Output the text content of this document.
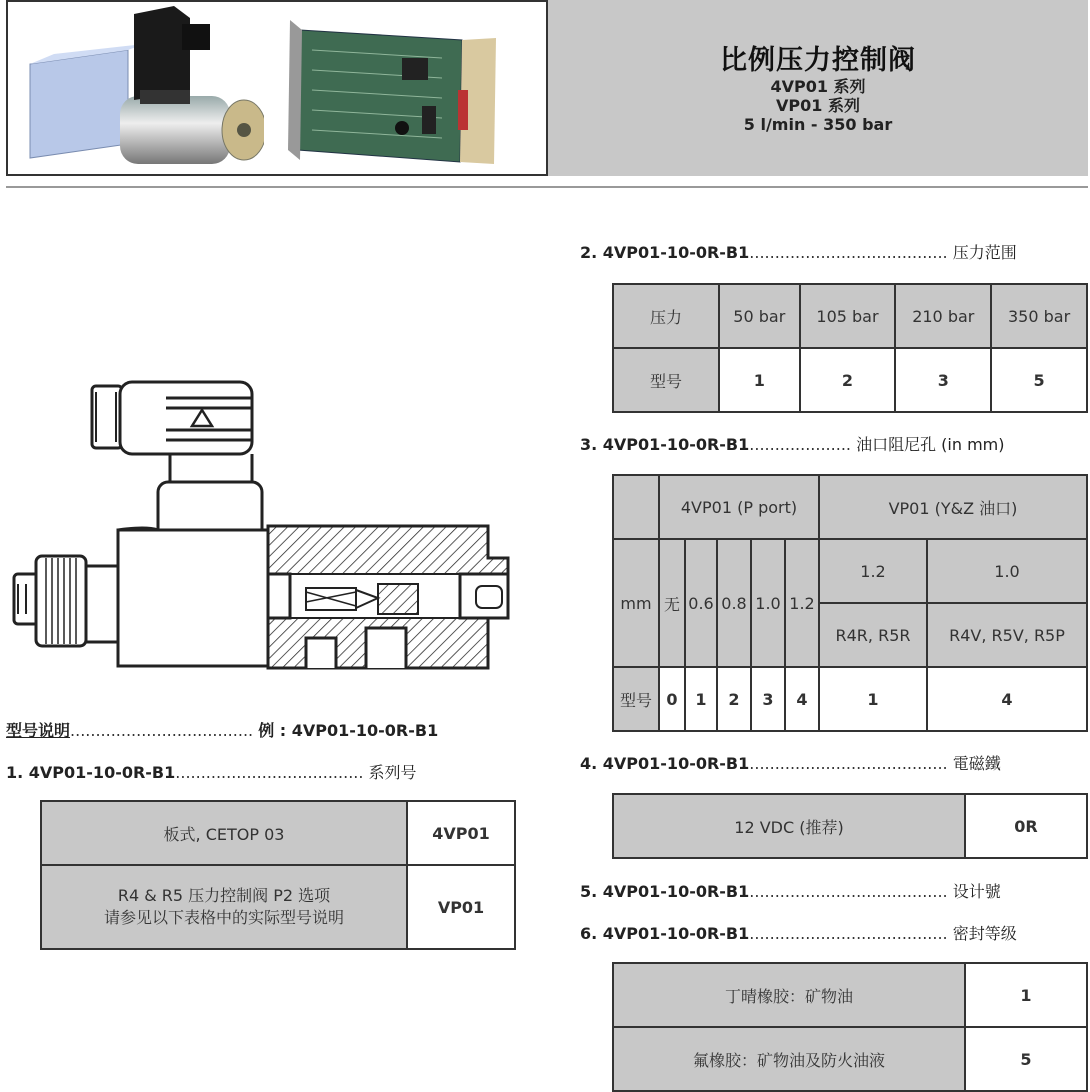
比例压力控制阀
4VP01 系列
VP01 系列
5 l/min - 350 bar
型号说明.................................... 例 : 4VP01-10-0R-B1
1. 4VP01-10-0R-B1..................................... 系列号
板式, CETOP 03	4VP01

R4 & R5 压力控制阀 P2 选项
请参见以下表格中的实际型号说明	VP01
2. 4VP01-10-0R-B1....................................... 压力范围
压力	50 bar	105 bar	210 bar	350 bar
型号	1	2	3	5
3. 4VP01-10-0R-B1.................... 油口阻尼孔 (in mm)
	4VP01 (P port)					VP01 (Y&Z 油口)	
mm	无	0.6	0.8	1.0	1.2	1.2	1.0
						R4R, R5R	R4V, R5V, R5P
型号	0	1	2	3	4	1	4
4. 4VP01-10-0R-B1....................................... 電磁鐵
12 VDC (推荐)	0R
5. 4VP01-10-0R-B1....................................... 设计號
6. 4VP01-10-0R-B1....................................... 密封等级
丁晴橡胶：矿物油	1
氟橡胶：矿物油及防火油液	5
